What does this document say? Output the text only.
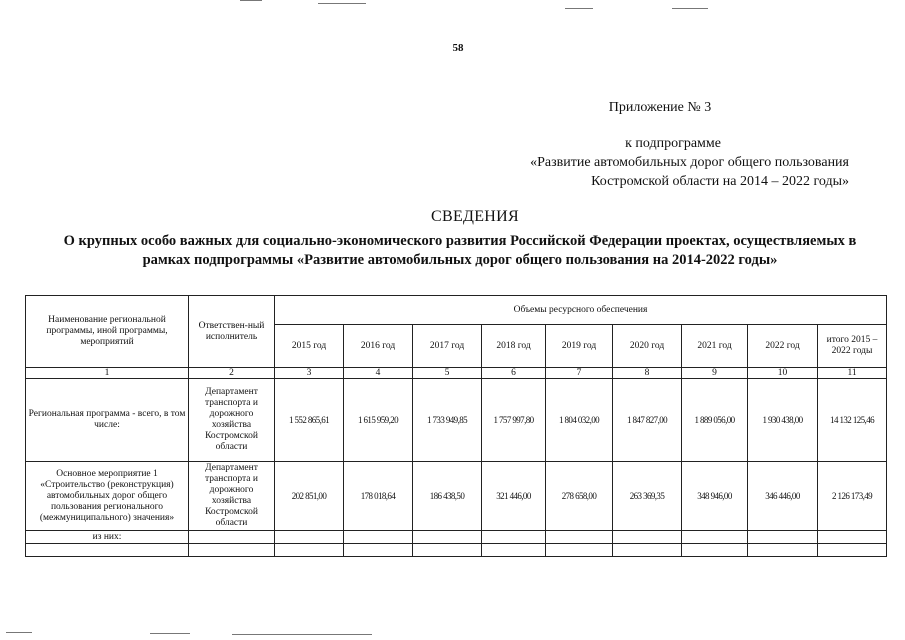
58
Приложение № 3
к подпрограмме
«Развитие автомобильных дорог общего пользования
Костромской области на 2014 – 2022 годы»
СВЕДЕНИЯ
О крупных особо важных для социально-экономического развития Российской Федерации проектах, осуществляемых в
рамках подпрограммы «Развитие автомобильных дорог общего пользования на 2014-2022 годы»
Наименование региональной программы, иной программы, мероприятий	Ответствен-ный исполнитель	Объемы ресурсного обеспечения								
		2015 год	2016 год	2017 год	2018 год	2019 год	2020 год	2021 год	2022 год	итого 2015 – 2022 годы
1	2	3	4	5	6	7	8	9	10	11
Региональная программа - всего, в том числе:	Департамент транспорта и дорожного хозяйства Костромской области	1 552 865,61	1 615 959,20	1 733 949,85	1 757 997,80	1 804 032,00	1 847 827,00	1 889 056,00	1 930 438,00	14 132 125,46
Основное мероприятие 1 «Строительство (реконструкция) автомобильных дорог общего пользования регионального (межмуниципального) значения»	Департамент транспорта и дорожного хозяйства Костромской области	202 851,00	178 018,64	186 438,50	321 446,00	278 658,00	263 369,35	348 946,00	346 446,00	2 126 173,49
из них:										
